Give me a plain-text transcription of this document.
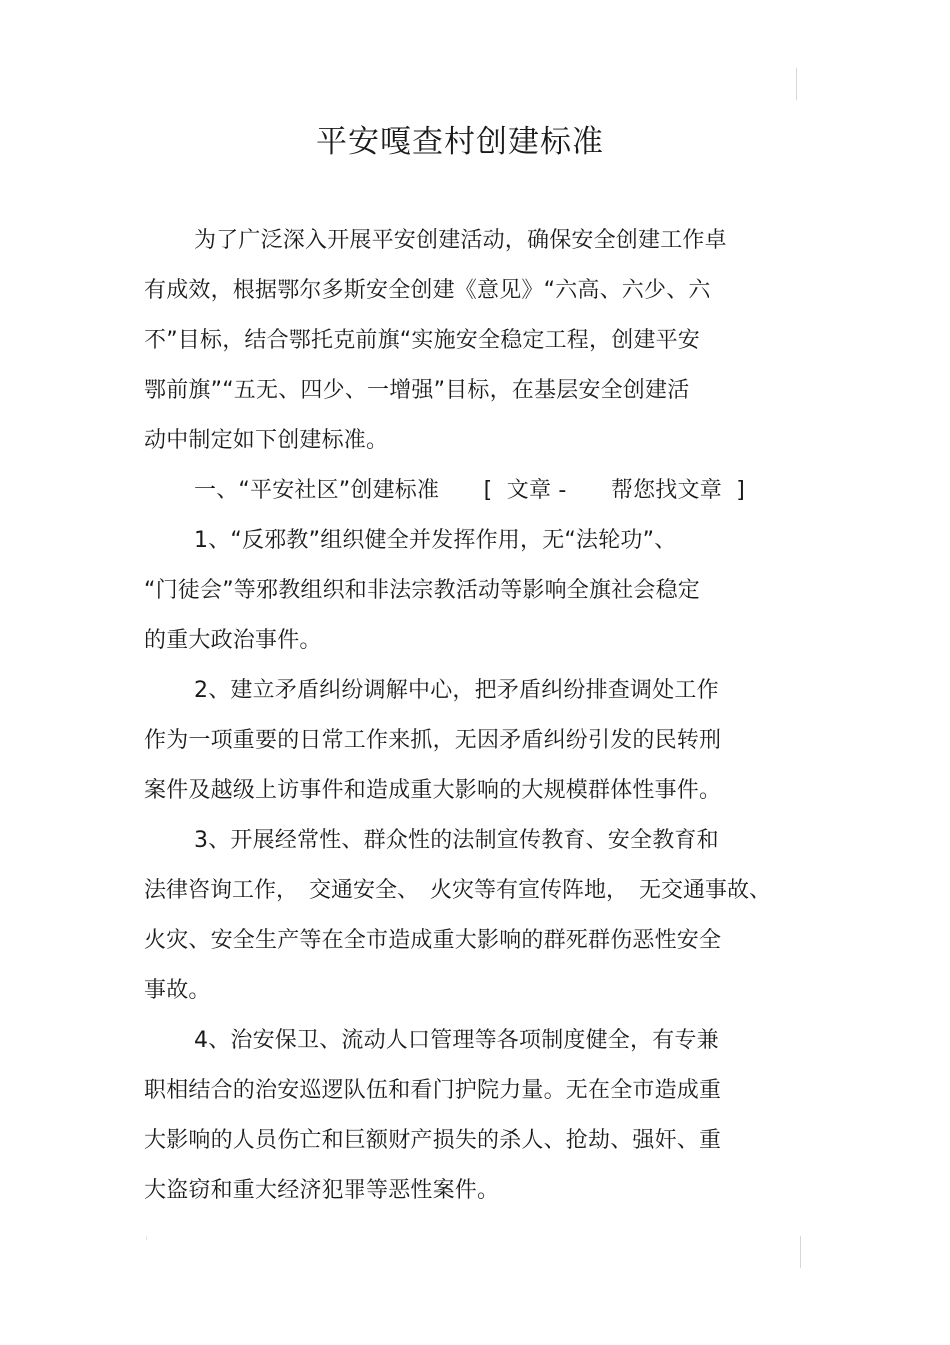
平安嘎查村创建标准
为了广泛深入开展平安创建活动，确保安全创建工作卓
有成效，根据鄂尔多斯安全创建《意见》“六高、六少、六
不”目标，结合鄂托克前旗“实施安全稳定工程，创建平安
鄂前旗”“五无、四少、一增强”目标，在基层安全创建活
动中制定如下创建标准。
一、“平安社区”创建标准　　[  文章 -　　帮您找文章  ]
1、“反邪教”组织健全并发挥作用，无“法轮功”、
“门徒会”等邪教组织和非法宗教活动等影响全旗社会稳定
的重大政治事件。
2、建立矛盾纠纷调解中心，把矛盾纠纷排查调处工作
作为一项重要的日常工作来抓，无因矛盾纠纷引发的民转刑
案件及越级上访事件和造成重大影响的大规模群体性事件。
3、开展经常性、群众性的法制宣传教育、安全教育和
法律咨询工作，　交通安全、　火灾等有宣传阵地，　无交通事故、
火灾、安全生产等在全市造成重大影响的群死群伤恶性安全
事故。
4、治安保卫、流动人口管理等各项制度健全，有专兼
职相结合的治安巡逻队伍和看门护院力量。无在全市造成重
大影响的人员伤亡和巨额财产损失的杀人、抢劫、强奸、重
大盗窃和重大经济犯罪等恶性案件。
